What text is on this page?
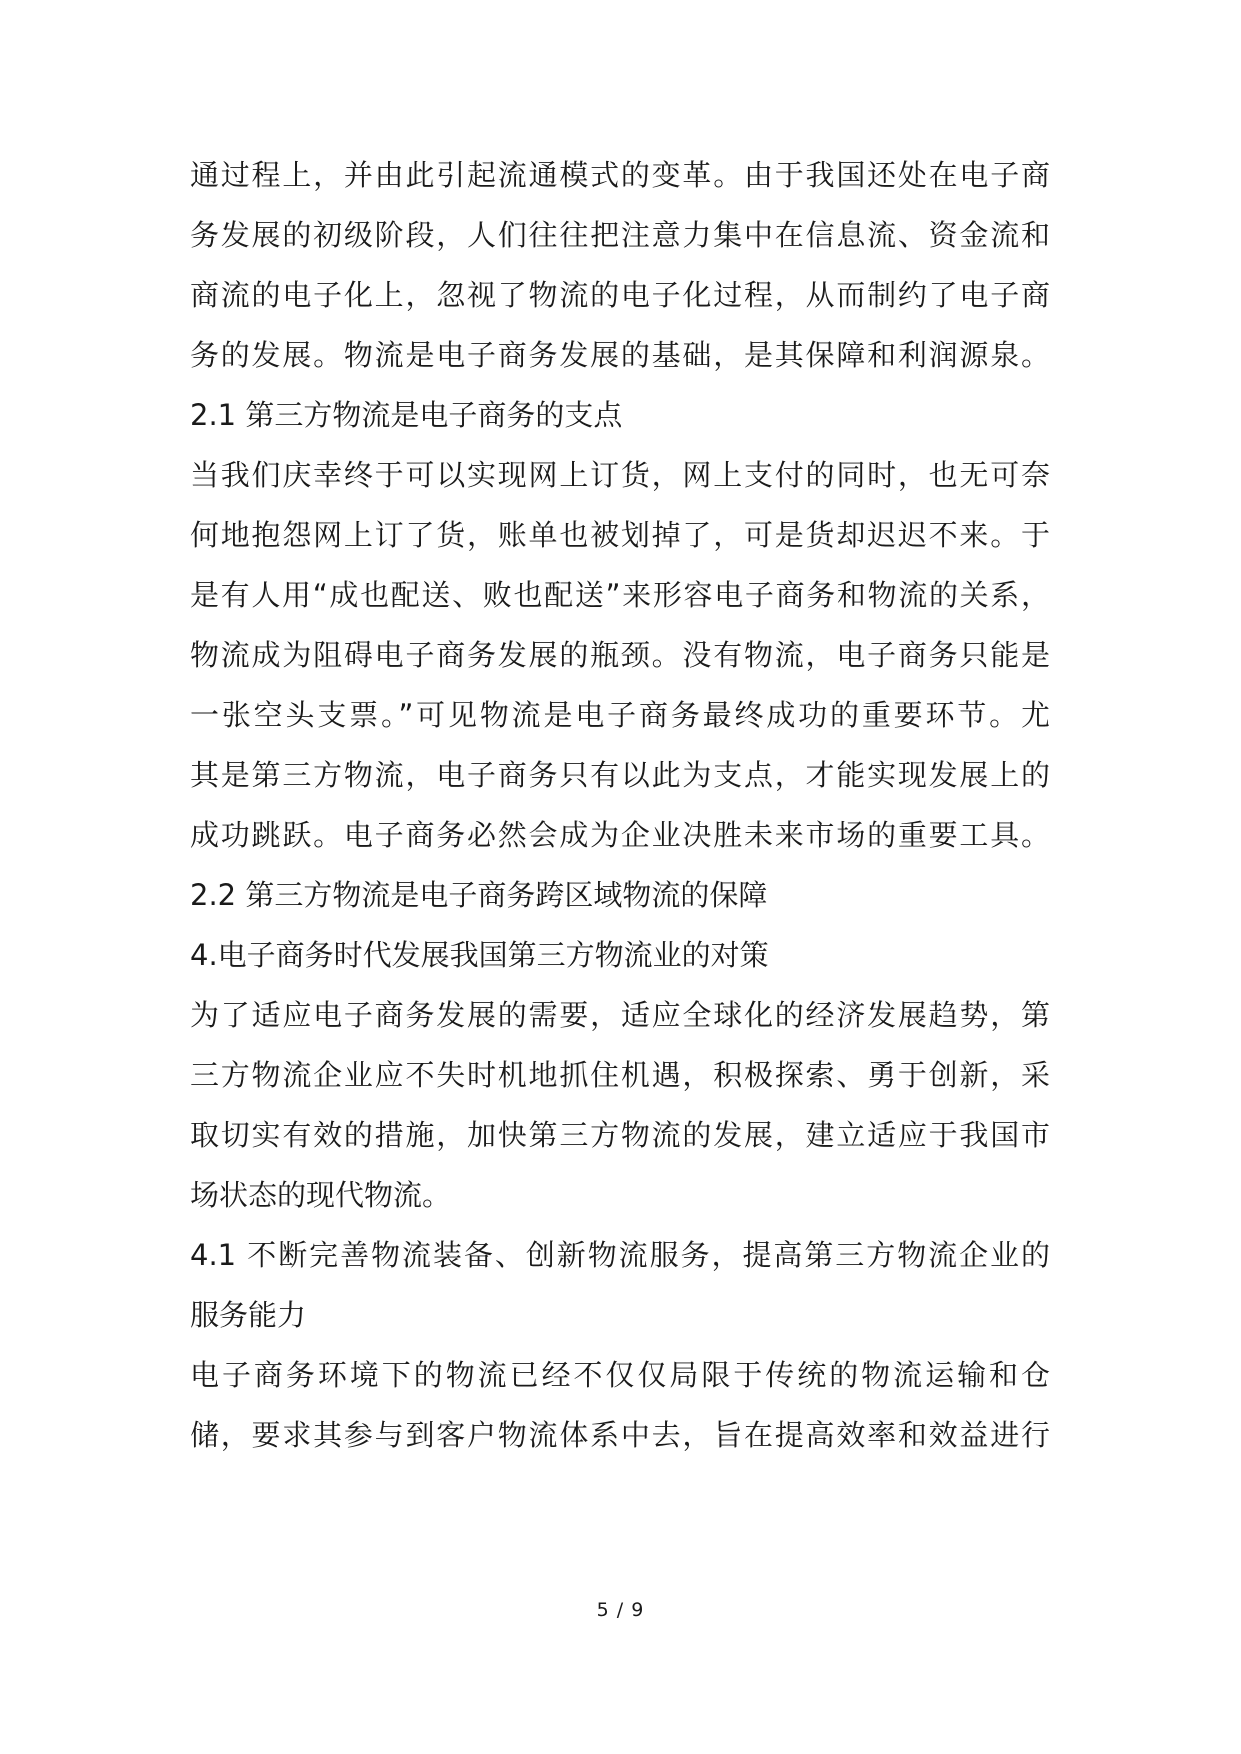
通过程上，并由此引起流通模式的变革。由于我国还处在电子商

务发展的初级阶段，人们往往把注意力集中在信息流、资金流和

商流的电子化上，忽视了物流的电子化过程，从而制约了电子商

务的发展。物流是电子商务发展的基础，是其保障和利润源泉。

2.1 第三方物流是电子商务的支点

当我们庆幸终于可以实现网上订货，网上支付的同时，也无可奈

何地抱怨网上订了货，账单也被划掉了，可是货却迟迟不来。于

是有人用“成也配送、败也配送”来形容电子商务和物流的关系，

物流成为阻碍电子商务发展的瓶颈。没有物流，电子商务只能是

一张空头支票。”可见物流是电子商务最终成功的重要环节。尤

其是第三方物流，电子商务只有以此为支点，才能实现发展上的

成功跳跃。电子商务必然会成为企业决胜未来市场的重要工具。

2.2 第三方物流是电子商务跨区域物流的保障

4.电子商务时代发展我国第三方物流业的对策

为了适应电子商务发展的需要，适应全球化的经济发展趋势，第

三方物流企业应不失时机地抓住机遇，积极探索、勇于创新，采

取切实有效的措施，加快第三方物流的发展，建立适应于我国市

场状态的现代物流。

4.1 不断完善物流装备、创新物流服务，提高第三方物流企业的

服务能力

电子商务环境下的物流已经不仅仅局限于传统的物流运输和仓

储，要求其参与到客户物流体系中去，旨在提高效率和效益进行

5 / 9
